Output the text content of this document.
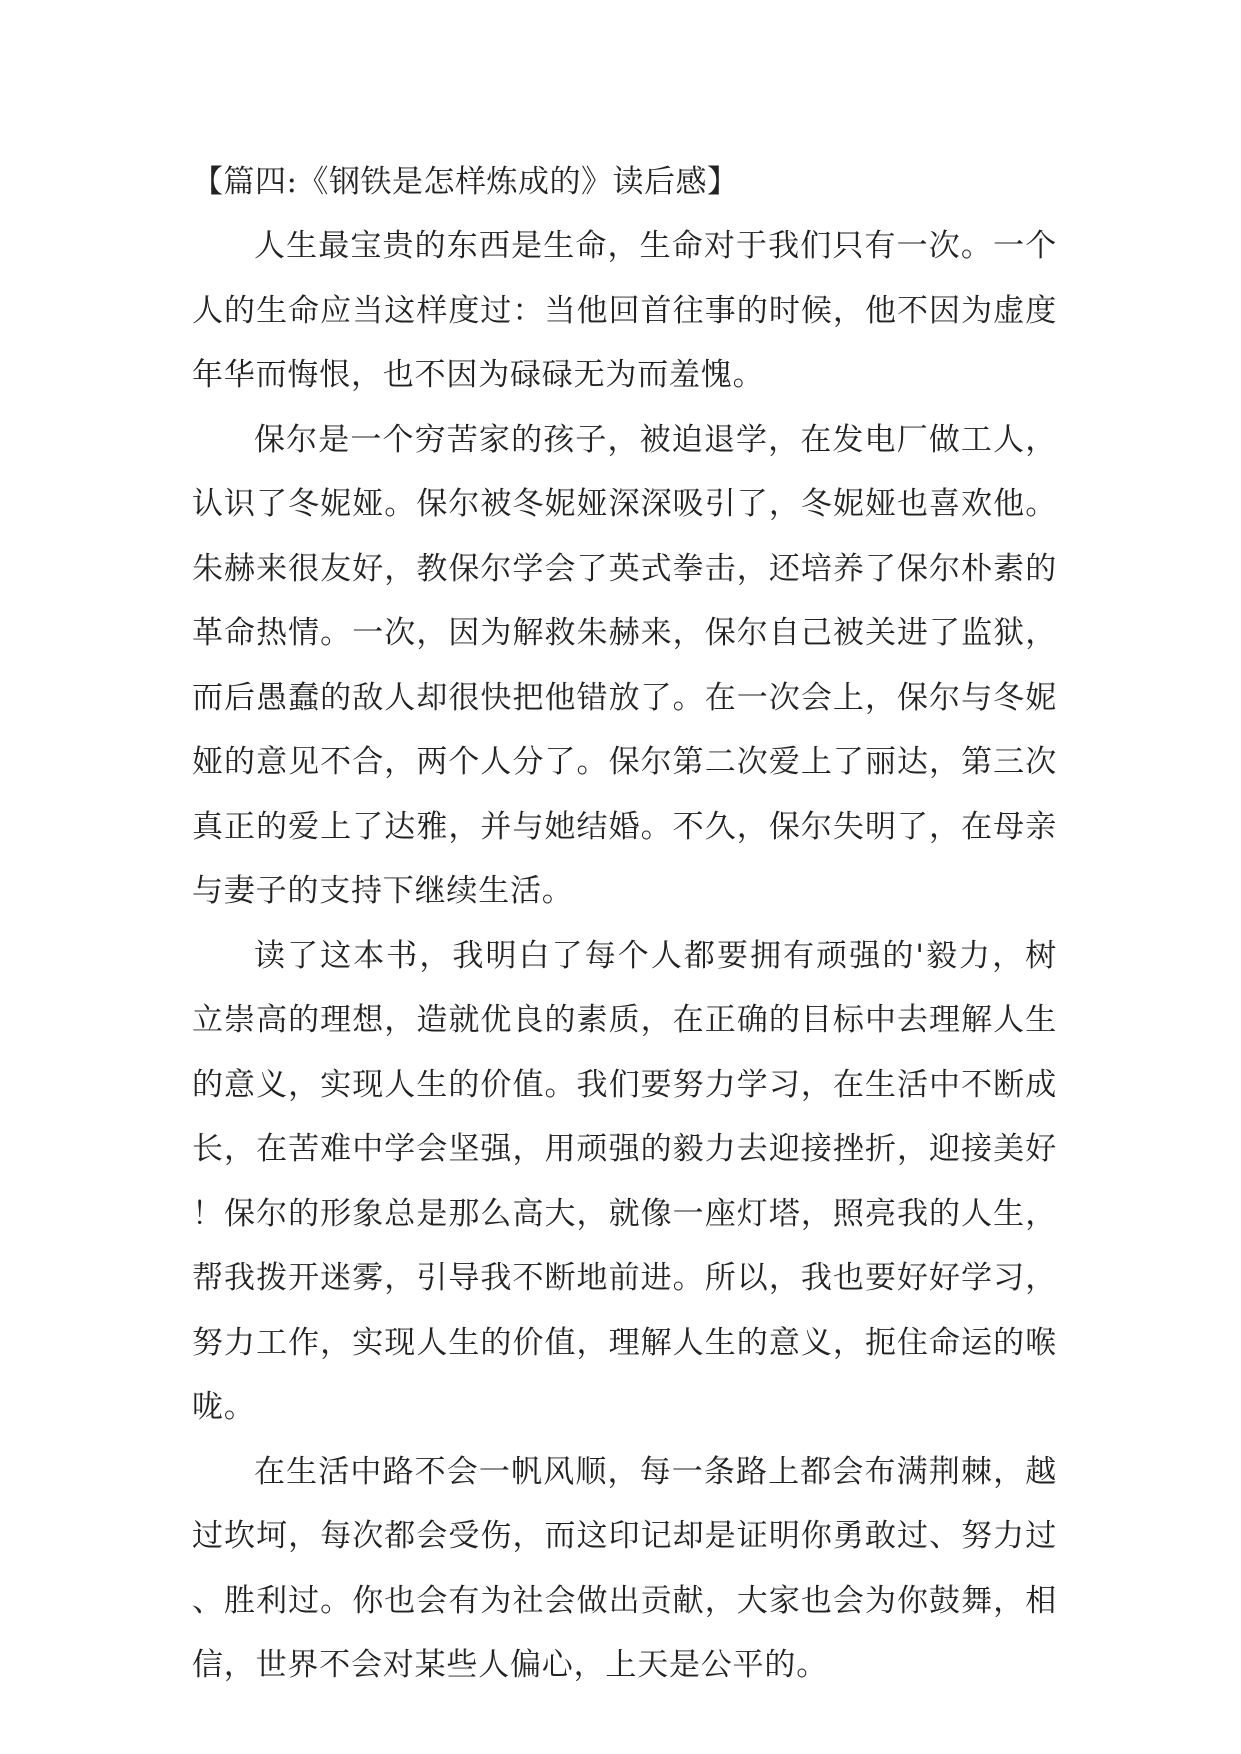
【篇四:《钢铁是怎样炼成的》读后感】

人生最宝贵的东西是生命，生命对于我们只有一次。一个人的生命应当这样度过：当他回首往事的时候，他不因为虚度年华而悔恨，也不因为碌碌无为而羞愧。

保尔是一个穷苦家的孩子，被迫退学，在发电厂做工人，认识了冬妮娅。保尔被冬妮娅深深吸引了，冬妮娅也喜欢他。朱赫来很友好，教保尔学会了英式拳击，还培养了保尔朴素的革命热情。一次，因为解救朱赫来，保尔自己被关进了监狱，而后愚蠢的敌人却很快把他错放了。在一次会上，保尔与冬妮娅的意见不合，两个人分了。保尔第二次爱上了丽达，第三次真正的爱上了达雅，并与她结婚。不久，保尔失明了，在母亲与妻子的支持下继续生活。

读了这本书，我明白了每个人都要拥有顽强的'毅力，树立崇高的理想，造就优良的素质，在正确的目标中去理解人生的意义，实现人生的价值。我们要努力学习，在生活中不断成长，在苦难中学会坚强，用顽强的毅力去迎接挫折，迎接美好！保尔的形象总是那么高大，就像一座灯塔，照亮我的人生，帮我拨开迷雾，引导我不断地前进。所以，我也要好好学习，努力工作，实现人生的价值，理解人生的意义，扼住命运的喉咙。

在生活中路不会一帆风顺，每一条路上都会布满荆棘，越过坎坷，每次都会受伤，而这印记却是证明你勇敢过、努力过、胜利过。你也会有为社会做出贡献，大家也会为你鼓舞，相信，世界不会对某些人偏心，上天是公平的。
